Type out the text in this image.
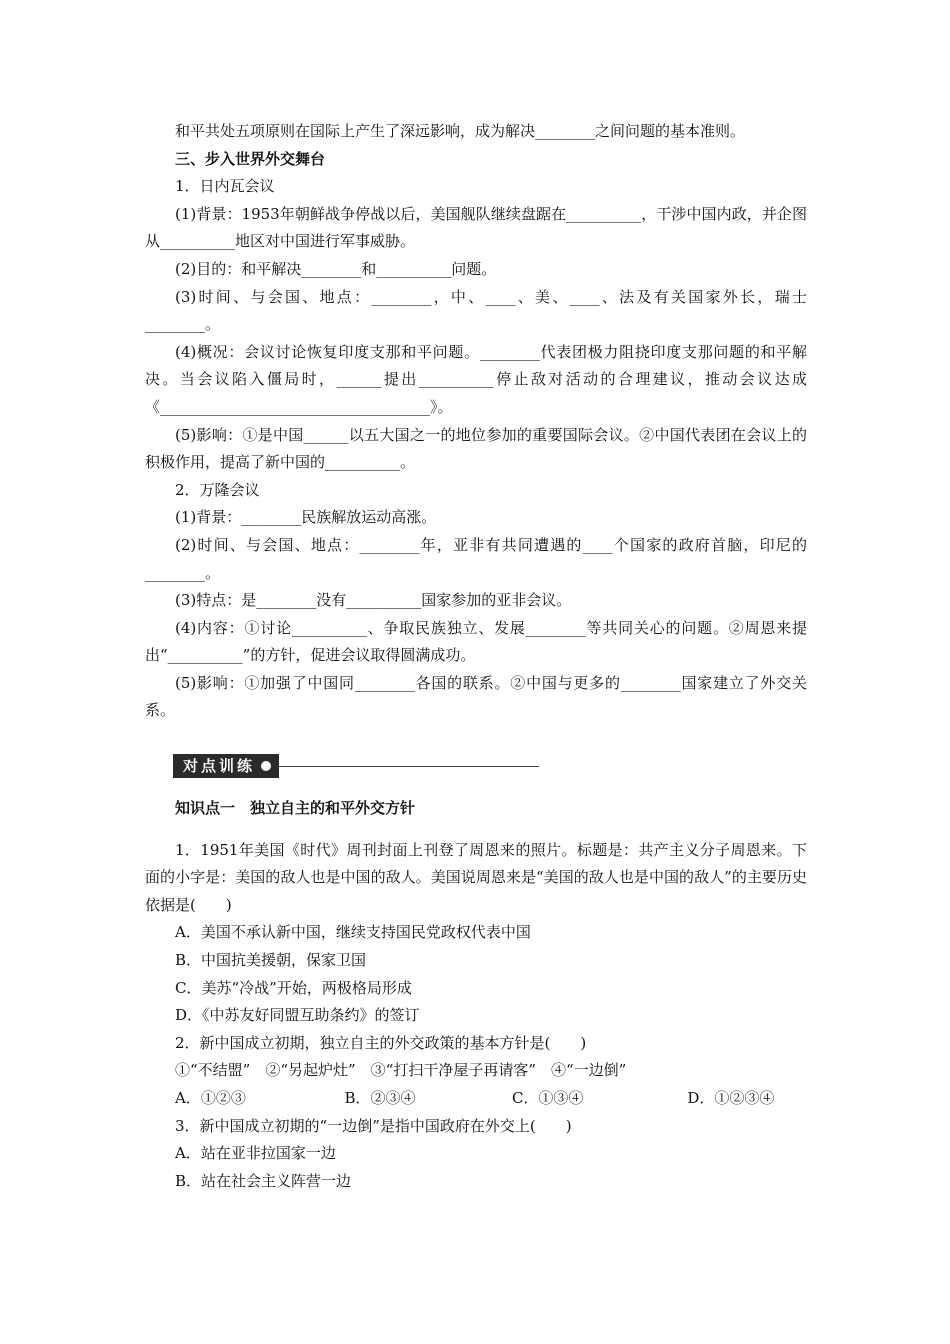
和平共处五项原则在国际上产生了深远影响，成为解决________之间问题的基本准则。

三、步入世界外交舞台

1．日内瓦会议

(1)背景：1953年朝鲜战争停战以后，美国舰队继续盘踞在__________，干涉中国内政，并企图从__________地区对中国进行军事威胁。

(2)目的：和平解决________和__________问题。

(3)时间、与会国、地点：________，中、____、美、____、法及有关国家外长，瑞士________。

(4)概况：会议讨论恢复印度支那和平问题。________代表团极力阻挠印度支那问题的和平解决。当会议陷入僵局时，______提出__________停止敌对活动的合理建议，推动会议达成《____________________________________》。

(5)影响：①是中国______以五大国之一的地位参加的重要国际会议。②中国代表团在会议上的积极作用，提高了新中国的__________。

2．万隆会议

(1)背景：________民族解放运动高涨。

(2)时间、与会国、地点：________年，亚非有共同遭遇的____个国家的政府首脑，印尼的________。

(3)特点：是________没有__________国家参加的亚非会议。

(4)内容：①讨论__________、争取民族独立、发展________等共同关心的问题。②周恩来提出“__________”的方针，促进会议取得圆满成功。

(5)影响：①加强了中国同________各国的联系。②中国与更多的________国家建立了外交关系。

对点训练

知识点一　独立自主的和平外交方针

1．1951年美国《时代》周刊封面上刊登了周恩来的照片。标题是：共产主义分子周恩来。下面的小字是：美国的敌人也是中国的敌人。美国说周恩来是“美国的敌人也是中国的敌人”的主要历史依据是(　　)

A．美国不承认新中国，继续支持国民党政权代表中国

B．中国抗美援朝，保家卫国

C．美苏“冷战”开始，两极格局形成

D．《中苏友好同盟互助条约》的签订

2．新中国成立初期，独立自主的外交政策的基本方针是(　　)

①“不结盟”　②“另起炉灶”　③“打扫干净屋子再请客”　④“一边倒”

A．①②③	B．②③④	C．①③④	D．①②③④

3．新中国成立初期的“一边倒”是指中国政府在外交上(　　)

A．站在亚非拉国家一边

B．站在社会主义阵营一边
